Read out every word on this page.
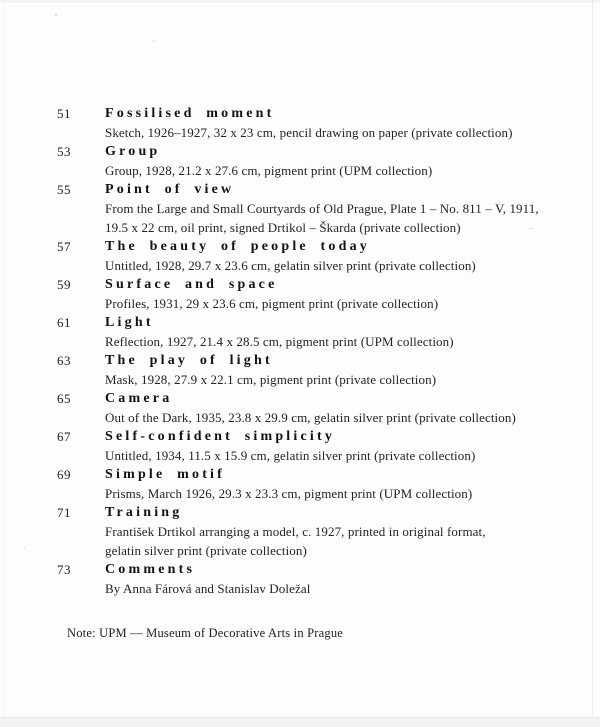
51	Fossilised moment
Sketch, 1926–1927, 32 x 23 cm, pencil drawing on paper (private collection)
53	Group
Group, 1928, 21.2 x 27.6 cm, pigment print (UPM collection)
55	Point of view
From the Large and Small Courtyards of Old Prague, Plate 1 – No. 811 – V, 1911,
19.5 x 22 cm, oil print, signed Drtikol – Škarda (private collection)
57	The beauty of people today
Untitled, 1928, 29.7 x 23.6 cm, gelatin silver print (private collection)
59	Surface and space
Profiles, 1931, 29 x 23.6 cm, pigment print (private collection)
61	Light
Reflection, 1927, 21.4 x 28.5 cm, pigment print (UPM collection)
63	The play of light
Mask, 1928, 27.9 x 22.1 cm, pigment print (private collection)
65	Camera
Out of the Dark, 1935, 23.8 x 29.9 cm, gelatin silver print (private collection)
67	Self-confident simplicity
Untitled, 1934, 11.5 x 15.9 cm, gelatin silver print (private collection)
69	Simple motif
Prisms, March 1926, 29.3 x 23.3 cm, pigment print (UPM collection)
71	Training
František Drtikol arranging a model, c. 1927, printed in original format,
gelatin silver print (private collection)
73	Comments
By Anna Fárová and Stanislav Doležal
Note: UPM — Museum of Decorative Arts in Prague
